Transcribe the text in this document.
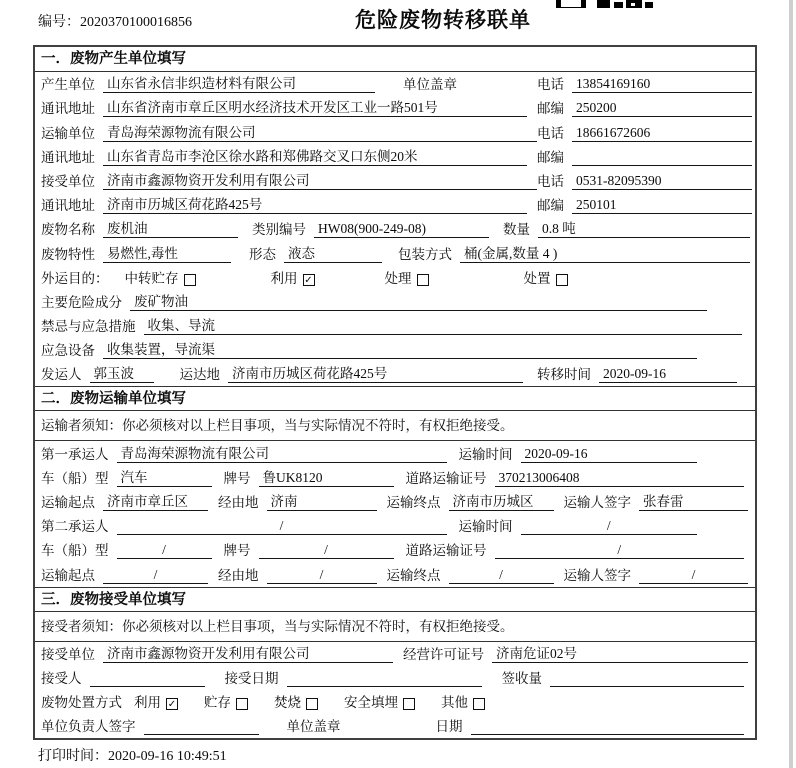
编号：2020370100016856	危险废物转移联单
一．废物产生单位填写
产生单位 山东省永信非织造材料有限公司	单位盖章	电话 13854169160
通讯地址 山东省济南市章丘区明水经济技术开发区工业一路501号	邮编 250200
运输单位 青岛海荣源物流有限公司	电话 18661672606
通讯地址 山东省青岛市李沧区徐水路和郑佛路交叉口东侧20米	邮编
接受单位 济南市鑫源物资开发利用有限公司	电话 0531-82095390
通讯地址 济南市历城区荷花路425号	邮编 250101
废物名称 废机油	类别编号 HW08(900-249-08)	数量 0.8 吨
废物特性 易燃性,毒性	形态 液态	包装方式 桶(金属,数量 4 )
外运目的： 中转贮存	利用 ✓	处理	处置
主要危险成分 废矿物油
禁忌与应急措施 收集、导流
应急设备 收集装置，导流渠
发运人 郭玉波	运达地 济南市历城区荷花路425号	转移时间 2020-09-16
二．废物运输单位填写
运输者须知：你必须核对以上栏目事项，当与实际情况不符时，有权拒绝接受。
第一承运人 青岛海荣源物流有限公司	运输时间 2020-09-16
车（船）型 汽车	牌号 鲁UK8120	道路运输证号 370213006408
运输起点 济南市章丘区	经由地 济南	运输终点 济南市历城区	运输人签字 张春雷
第二承运人	/	运输时间	/
车（船）型	/	牌号	/	道路运输证号	/
运输起点	/	经由地	/	运输终点	/	运输人签字	/
三．废物接受单位填写
接受者须知：你必须核对以上栏目事项，当与实际情况不符时，有权拒绝接受。
接受单位 济南市鑫源物资开发利用有限公司	经营许可证号 济南危证02号
接受人	接受日期	签收量
废物处置方式 利用 ✓ 贮存	焚烧	安全填埋	其他
单位负责人签字	单位盖章	日期
打印时间：2020-09-16 10:49:51
